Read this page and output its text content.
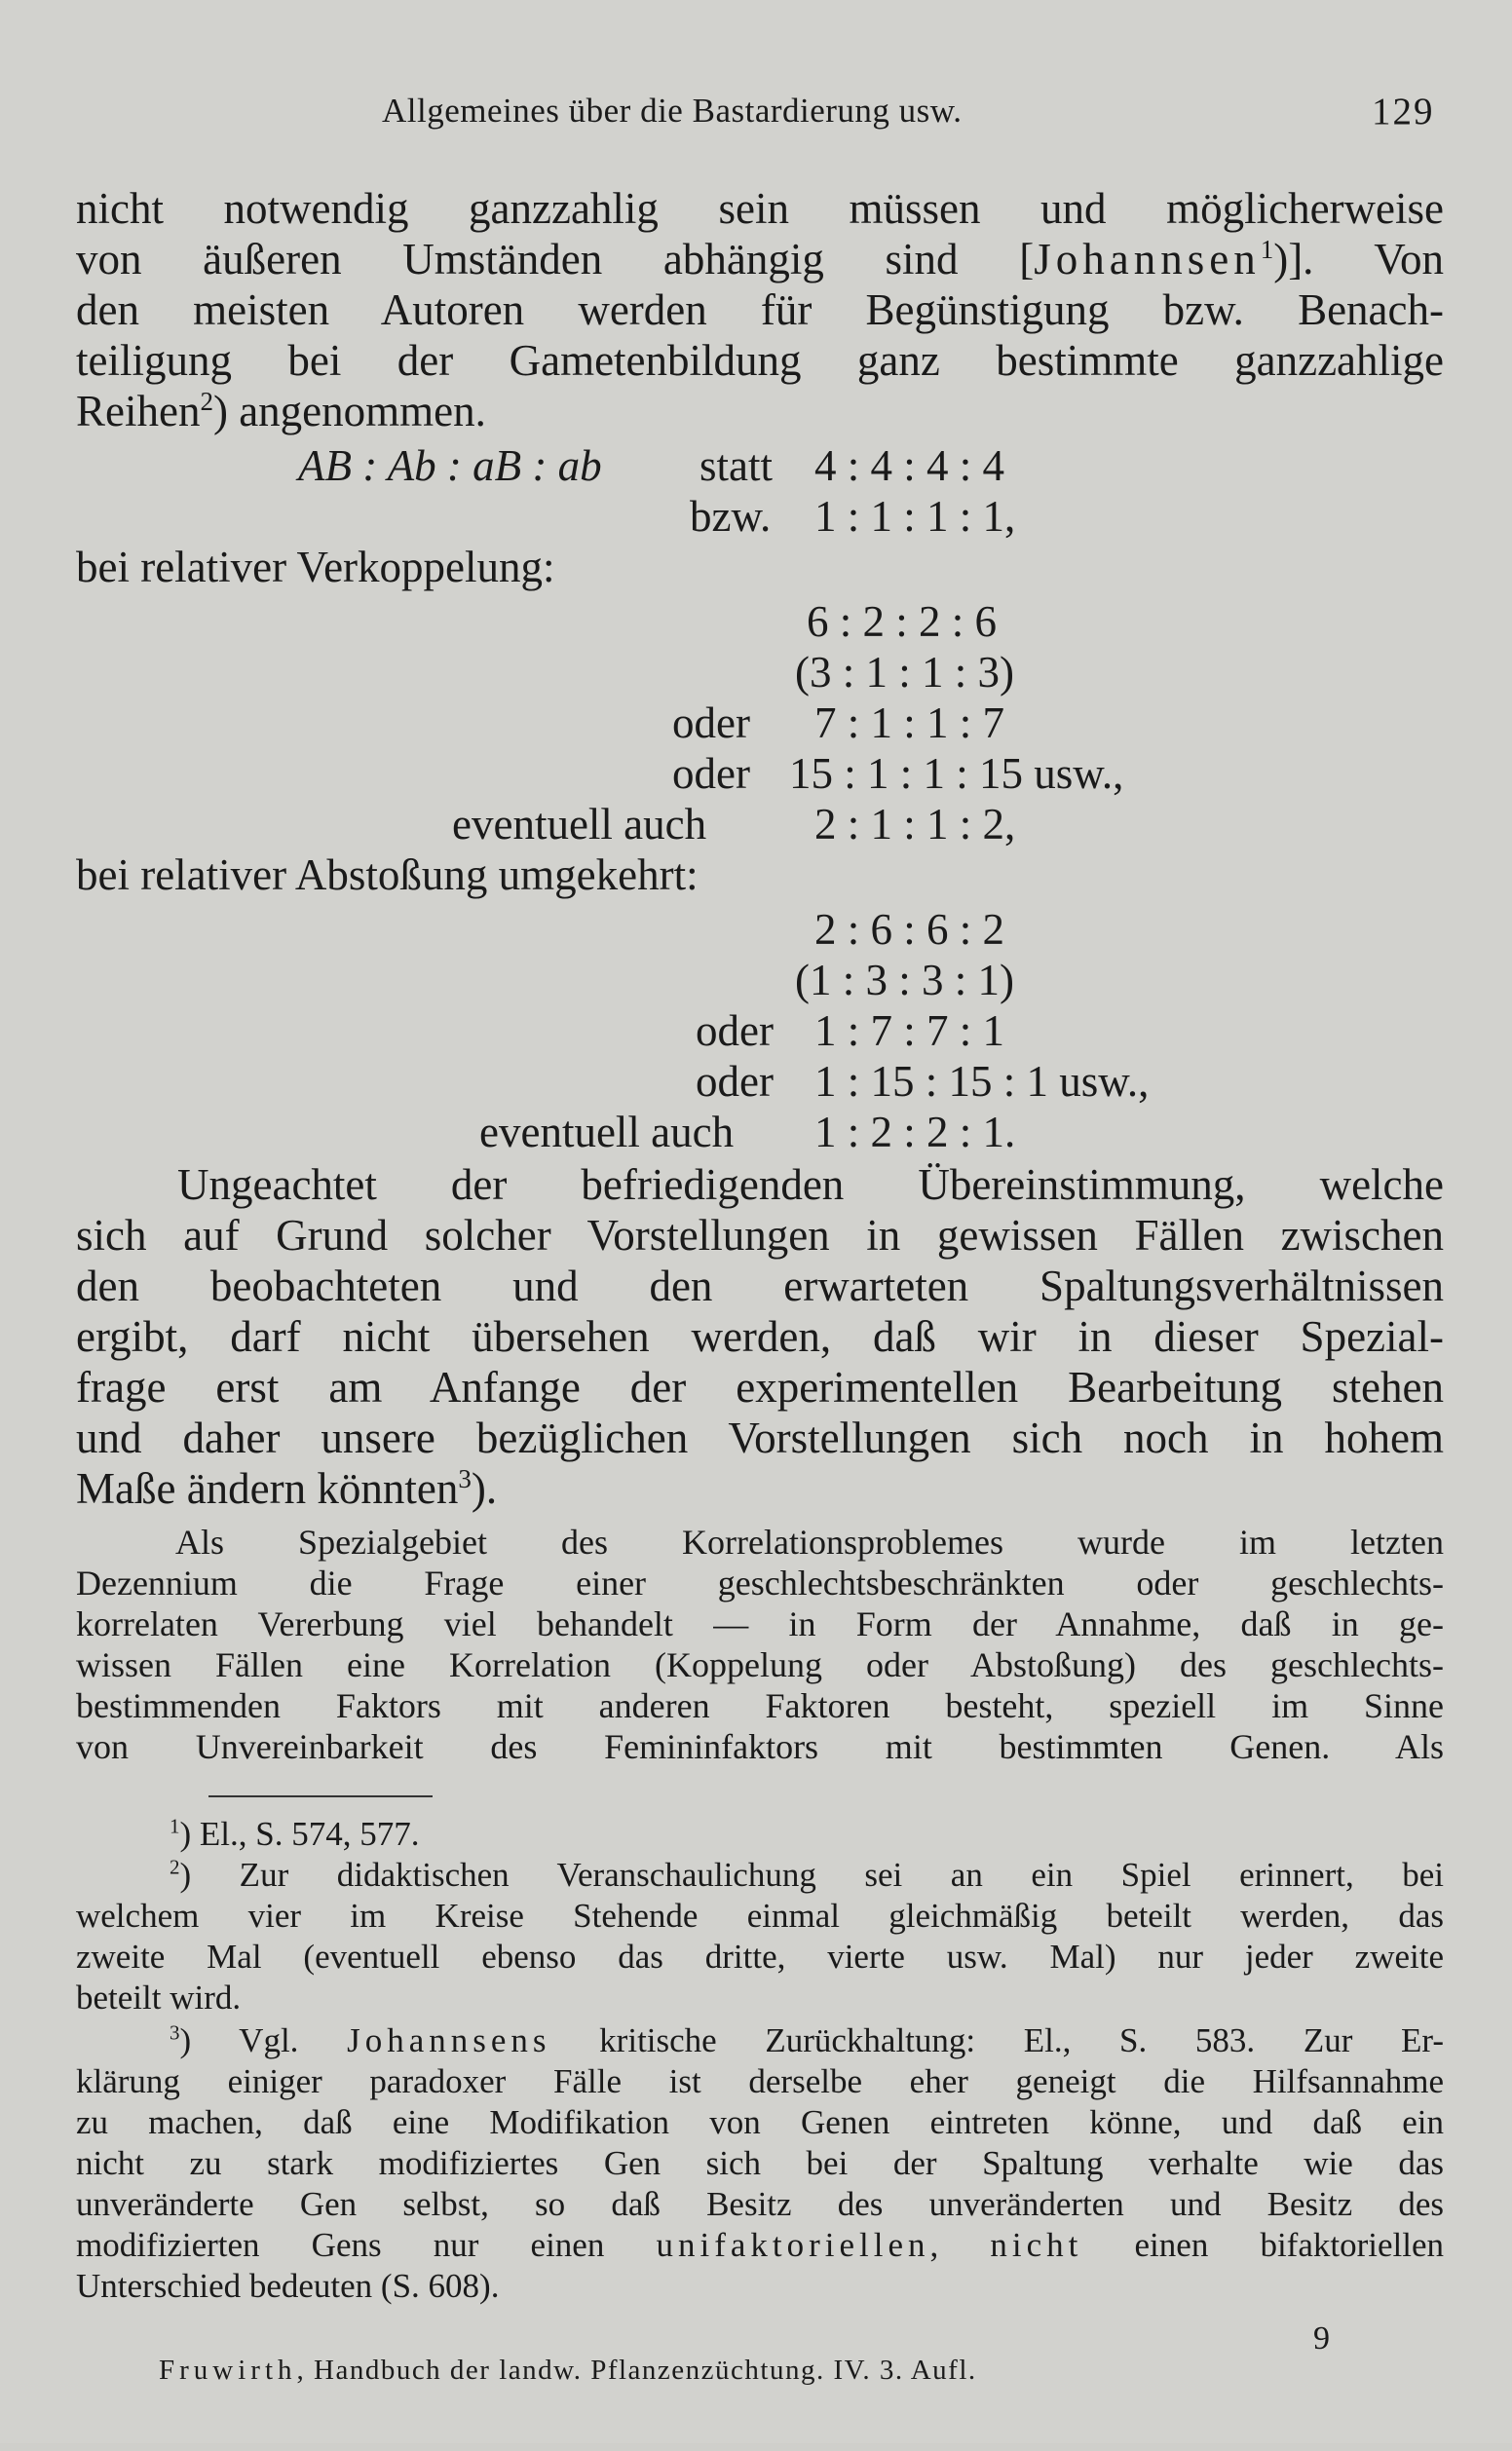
Allgemeines über die Bastardierung usw.	129
nicht notwendig ganzzahlig sein müssen und möglicherweise
von äußeren Umständen abhängig sind [Johannsen$^1$)]. Von
den meisten Autoren werden für Begünstigung bzw. Benach-
teiligung bei der Gametenbildung ganz bestimmte ganzzahlige
Reihen$^2$) angenommen.
AB : Ab : aB : ab statt 4 : 4 : 4 : 4
bzw. 1 : 1 : 1 : 1,
bei relativer Verkoppelung:
6 : 2 : 2 : 6
(3 : 1 : 1 : 3)
oder 7 : 1 : 1 : 7
oder 15 : 1 : 1 : 15 usw.,
eventuell auch 2 : 1 : 1 : 2,
bei relativer Abstoßung umgekehrt:
2 : 6 : 6 : 2
(1 : 3 : 3 : 1)
oder 1 : 7 : 7 : 1
oder 1 : 15 : 15 : 1 usw.,
eventuell auch 1 : 2 : 2 : 1.
Ungeachtet der befriedigenden Übereinstimmung, welche
sich auf Grund solcher Vorstellungen in gewissen Fällen zwischen
den beobachteten und den erwarteten Spaltungsverhältnissen
ergibt, darf nicht übersehen werden, daß wir in dieser Spezial-
frage erst am Anfange der experimentellen Bearbeitung stehen
und daher unsere bezüglichen Vorstellungen sich noch in hohem
Maße ändern könnten$^3$).
Als Spezialgebiet des Korrelationsproblemes wurde im letzten
Dezennium die Frage einer geschlechtsbeschränkten oder geschlechts-
korrelaten Vererbung viel behandelt — in Form der Annahme, daß in ge-
wissen Fällen eine Korrelation (Koppelung oder Abstoßung) des geschlechts-
bestimmenden Faktors mit anderen Faktoren besteht, speziell im Sinne
von Unvereinbarkeit des Femininfaktors mit bestimmten Genen. Als
$^1$) El., S. 574, 577.
$^2$) Zur didaktischen Veranschaulichung sei an ein Spiel erinnert, bei
welchem vier im Kreise Stehende einmal gleichmäßig beteilt werden, das
zweite Mal (eventuell ebenso das dritte, vierte usw. Mal) nur jeder zweite
beteilt wird.
$^3$) Vgl. Johannsens kritische Zurückhaltung: El., S. 583. Zur Er-
klärung einiger paradoxer Fälle ist derselbe eher geneigt die Hilfsannahme
zu machen, daß eine Modifikation von Genen eintreten könne, und daß ein
nicht zu stark modifiziertes Gen sich bei der Spaltung verhalte wie das
unveränderte Gen selbst, so daß Besitz des unveränderten und Besitz des
modifizierten Gens nur einen unifaktoriellen, nicht einen bifaktoriellen
Unterschied bedeuten (S. 608).

Fruwirth, Handbuch der landw. Pflanzenzüchtung. IV. 3. Aufl.

9
